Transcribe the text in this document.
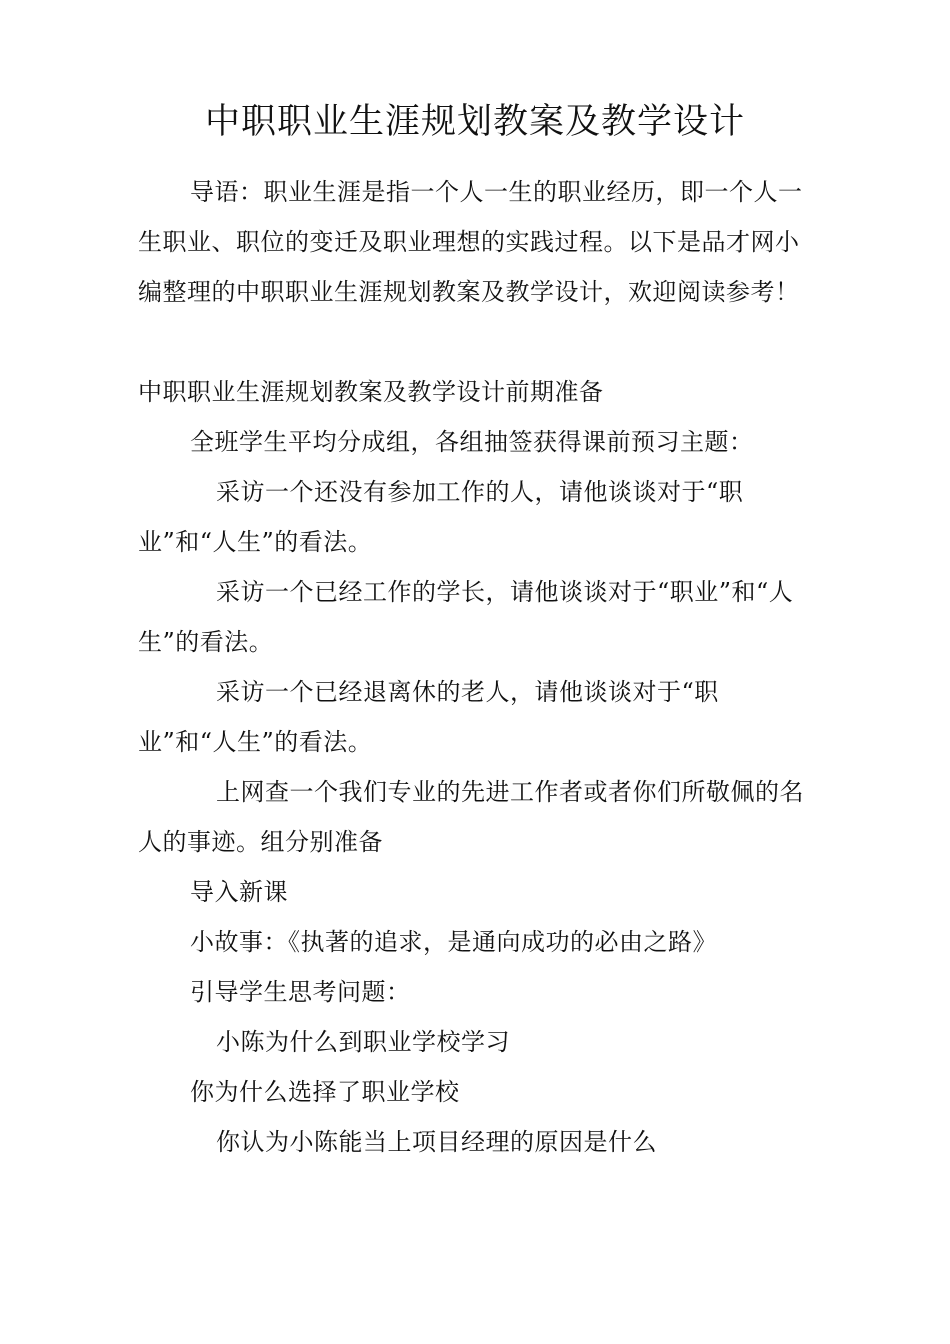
中职职业生涯规划教案及教学设计

导语：职业生涯是指一个人一生的职业经历，即一个人一生职业、职位的变迁及职业理想的实践过程。以下是品才网小编整理的中职职业生涯规划教案及教学设计，欢迎阅读参考！

中职职业生涯规划教案及教学设计前期准备

全班学生平均分成组，各组抽签获得课前预习主题：

采访一个还没有参加工作的人，请他谈谈对于“职业”和“人生”的看法。

采访一个已经工作的学长，请他谈谈对于“职业”和“人生”的看法。

采访一个已经退离休的老人，请他谈谈对于“职业”和“人生”的看法。

上网查一个我们专业的先进工作者或者你们所敬佩的名人的事迹。组分别准备

导入新课

小故事：《执著的追求，是通向成功的必由之路》

引导学生思考问题：

小陈为什么到职业学校学习

你为什么选择了职业学校

你认为小陈能当上项目经理的原因是什么
